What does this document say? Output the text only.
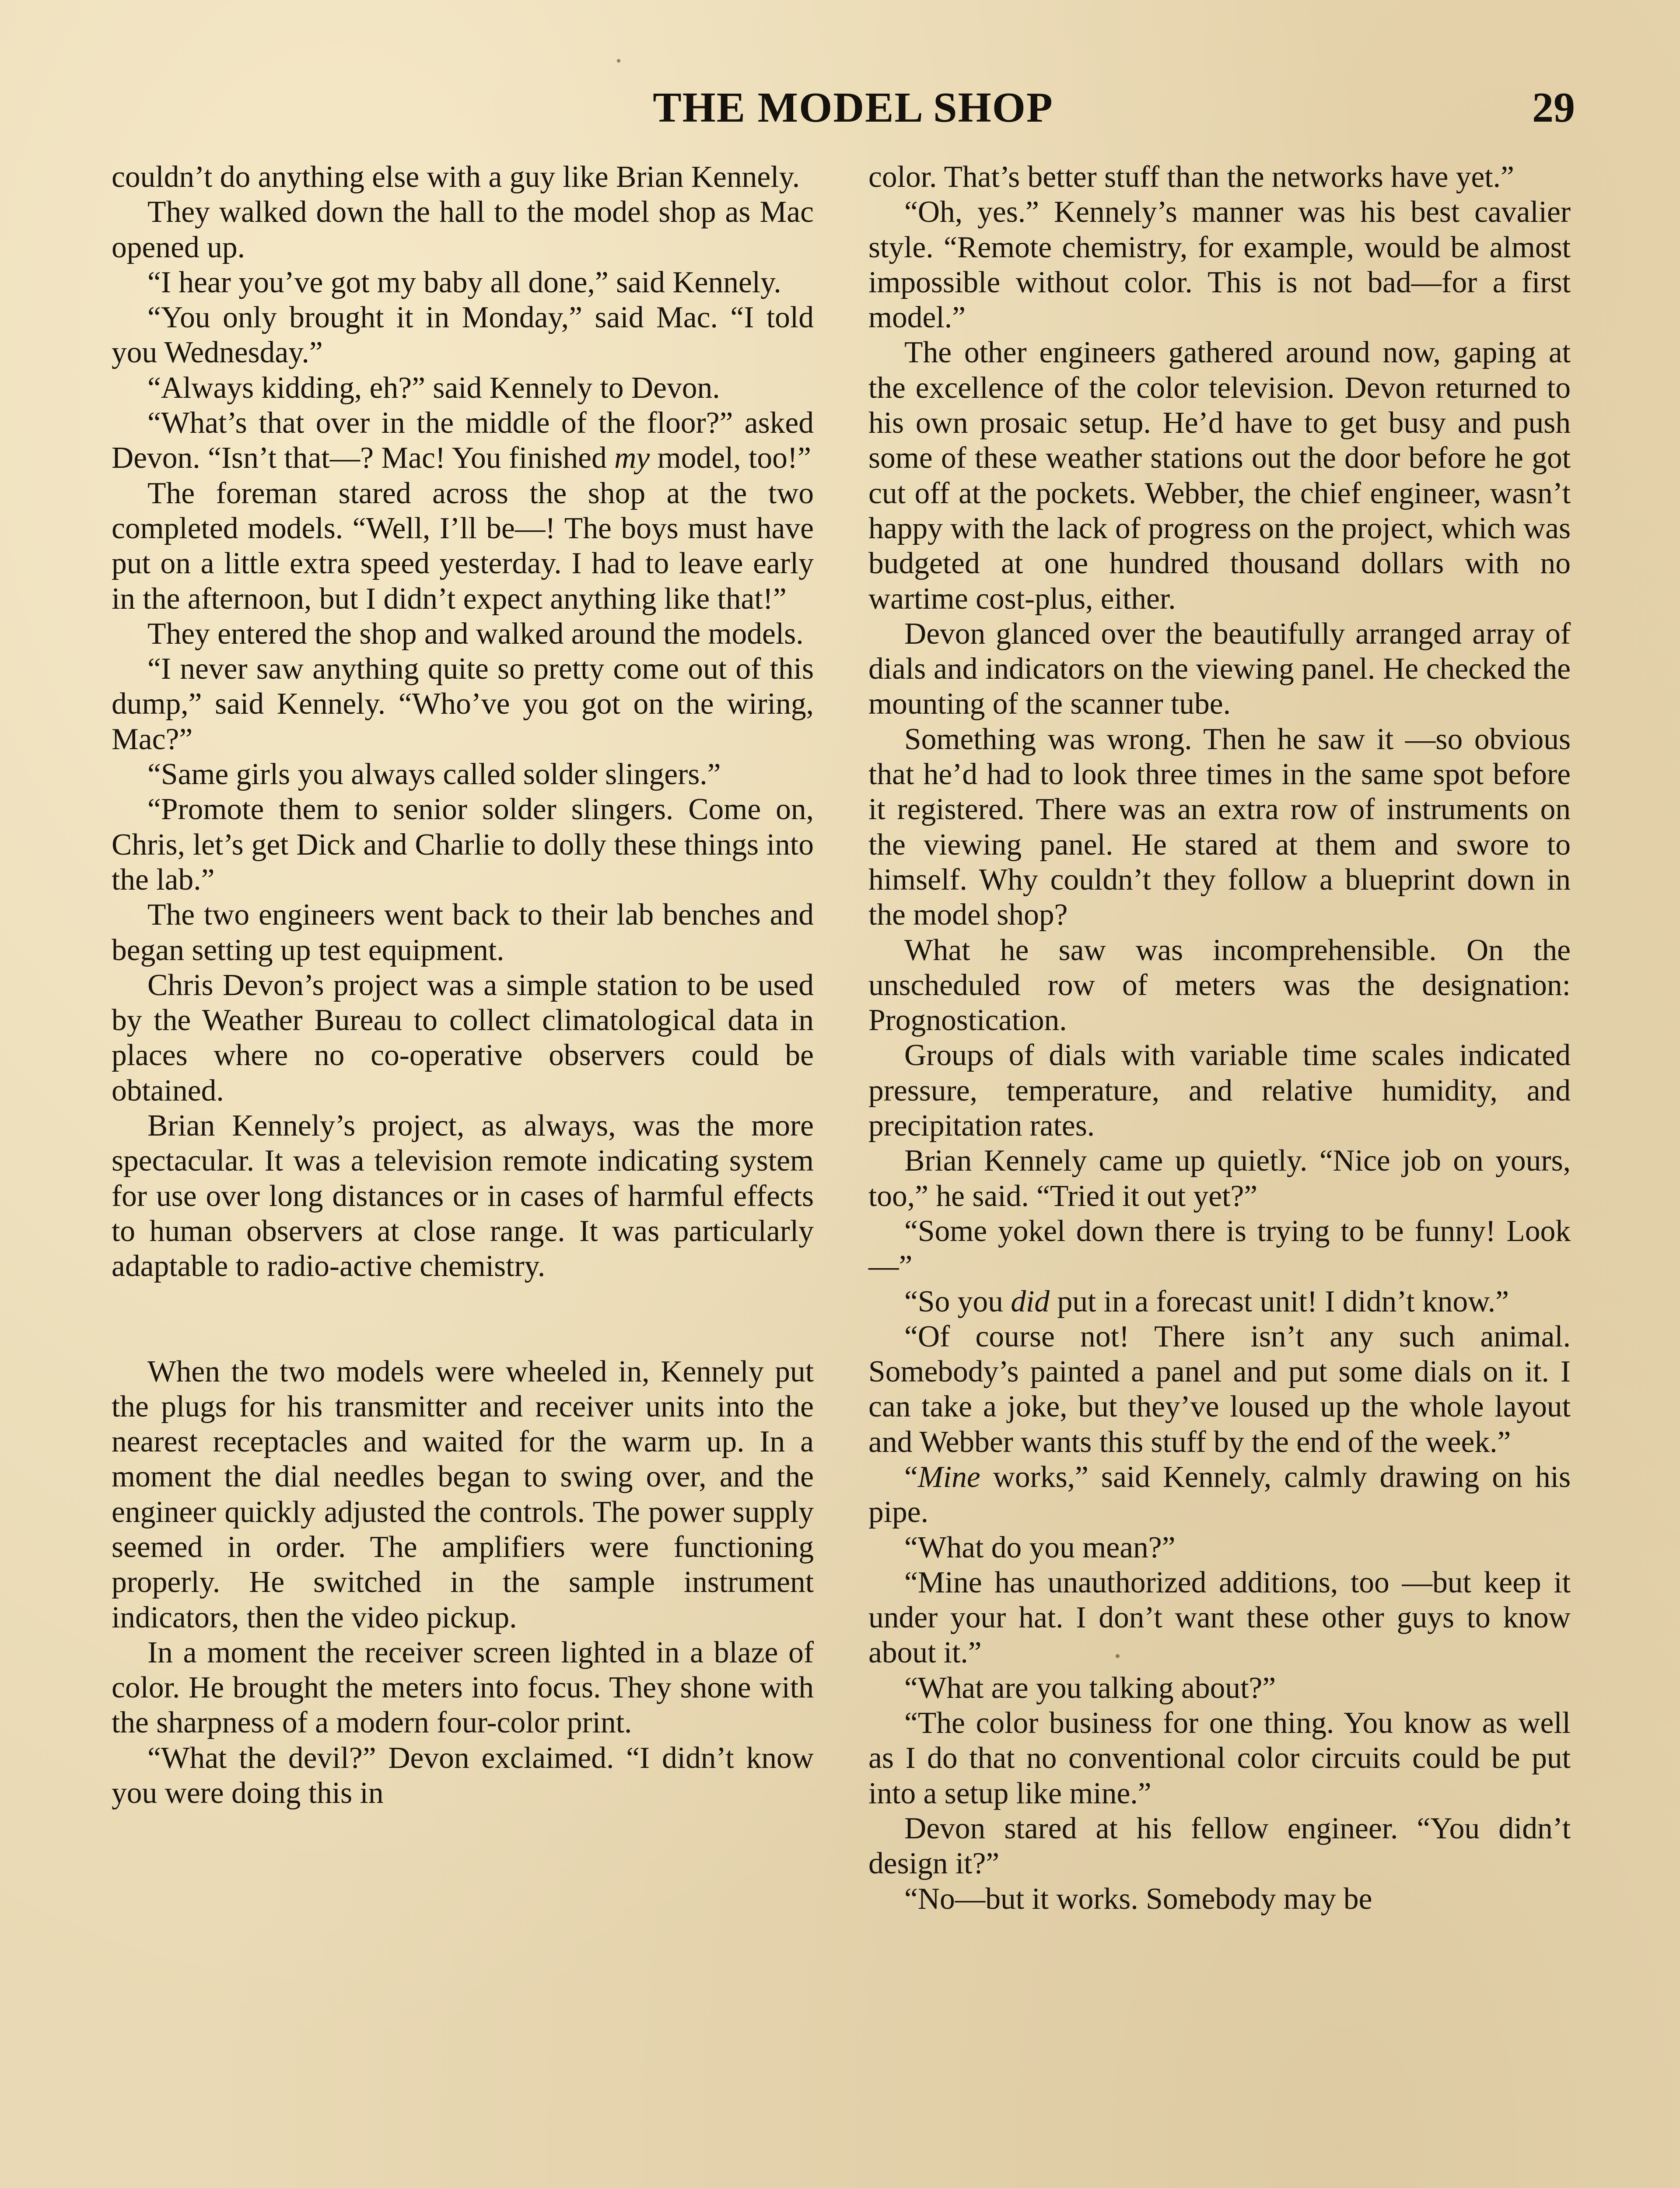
THE MODEL SHOP	29

couldn’t do anything else with a guy like Brian Kennely.

They walked down the hall to the model shop as Mac opened up.

“I hear you’ve got my baby all done,” said Kennely.

“You only brought it in Monday,” said Mac. “I told you Wednesday.”

“Always kidding, eh?” said Kennely to Devon.

“What’s that over in the middle of the floor?” asked Devon. “Isn’t that—? Mac! You finished my model, too!”

The foreman stared across the shop at the two completed models. “Well, I’ll be—! The boys must have put on a little extra speed yesterday. I had to leave early in the afternoon, but I didn’t expect anything like that!”

They entered the shop and walked around the models.

“I never saw anything quite so pretty come out of this dump,” said Kennely. “Who’ve you got on the wiring, Mac?”

“Same girls you always called solder slingers.”

“Promote them to senior solder slingers. Come on, Chris, let’s get Dick and Charlie to dolly these things into the lab.”

The two engineers went back to their lab benches and began setting up test equipment.

Chris Devon’s project was a simple station to be used by the Weather Bureau to collect climatological data in places where no co-operative observers could be obtained.

Brian Kennely’s project, as always, was the more spectacular. It was a television remote indicating system for use over long distances or in cases of harmful effects to human observers at close range. It was particularly adaptable to radio-active chemistry.

When the two models were wheeled in, Kennely put the plugs for his transmitter and receiver units into the nearest receptacles and waited for the warm up. In a moment the dial needles began to swing over, and the engineer quickly adjusted the controls. The power supply seemed in order. The amplifiers were functioning properly. He switched in the sample instrument indicators, then the video pickup.

In a moment the receiver screen lighted in a blaze of color. He brought the meters into focus. They shone with the sharpness of a modern four-color print.

“What the devil?” Devon exclaimed. “I didn’t know you were doing this in

color. That’s better stuff than the networks have yet.”

“Oh, yes.” Kennely’s manner was his best cavalier style. “Remote chemistry, for example, would be almost impossible without color. This is not bad—for a first model.”

The other engineers gathered around now, gaping at the excellence of the color television. Devon returned to his own prosaic setup. He’d have to get busy and push some of these weather stations out the door before he got cut off at the pockets. Webber, the chief engineer, wasn’t happy with the lack of progress on the project, which was budgeted at one hundred thousand dollars with no wartime cost-plus, either.

Devon glanced over the beautifully arranged array of dials and indicators on the viewing panel. He checked the mounting of the scanner tube.

Something was wrong. Then he saw it —so obvious that he’d had to look three times in the same spot before it registered. There was an extra row of instruments on the viewing panel. He stared at them and swore to himself. Why couldn’t they follow a blueprint down in the model shop?

What he saw was incomprehensible. On the unscheduled row of meters was the designation: Prognostication.

Groups of dials with variable time scales indicated pressure, temperature, and relative humidity, and precipitation rates.

Brian Kennely came up quietly. “Nice job on yours, too,” he said. “Tried it out yet?”

“Some yokel down there is trying to be funny! Look—”

“So you did put in a forecast unit! I didn’t know.”

“Of course not! There isn’t any such animal. Somebody’s painted a panel and put some dials on it. I can take a joke, but they’ve loused up the whole layout and Webber wants this stuff by the end of the week.”

“Mine works,” said Kennely, calmly drawing on his pipe.

“What do you mean?”

“Mine has unauthorized additions, too —but keep it under your hat. I don’t want these other guys to know about it.”

“What are you talking about?”

“The color business for one thing. You know as well as I do that no conventional color circuits could be put into a setup like mine.”

Devon stared at his fellow engineer. “You didn’t design it?”

“No—but it works. Somebody may be
